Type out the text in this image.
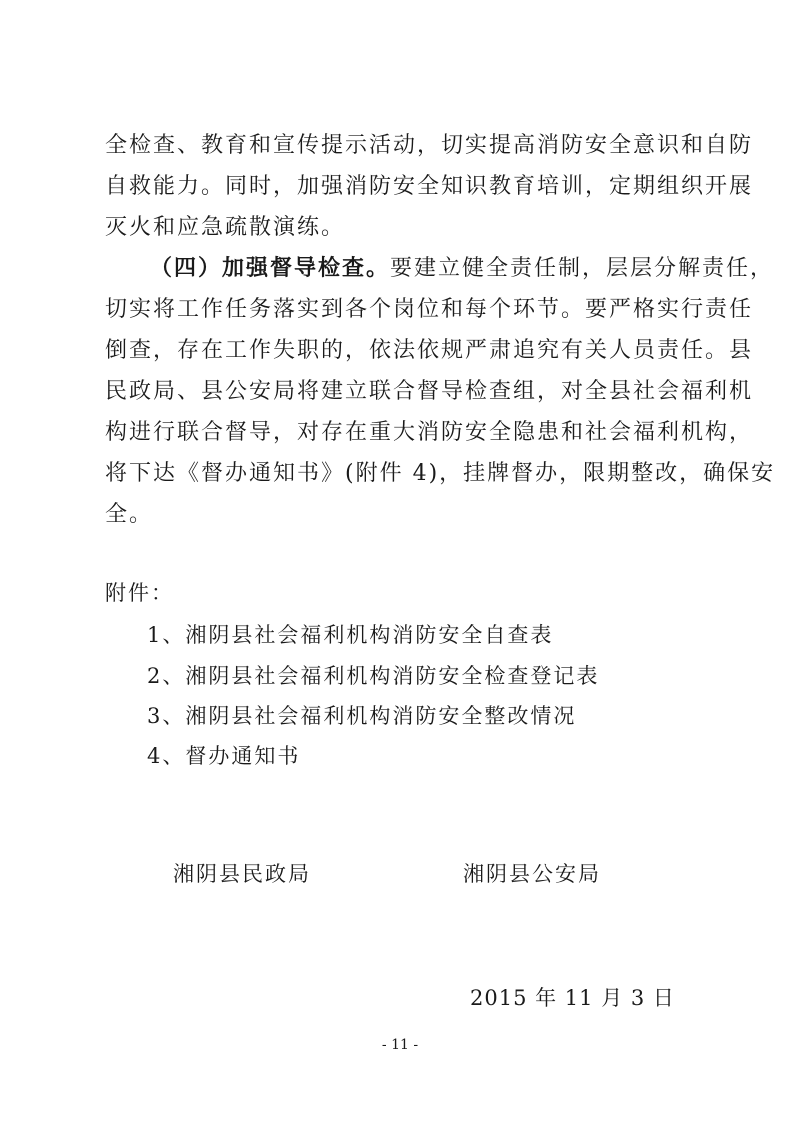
全检查、教育和宣传提示活动，切实提高消防安全意识和自防
自救能力。同时，加强消防安全知识教育培训，定期组织开展
灭火和应急疏散演练。
（四）加强督导检查。要建立健全责任制，层层分解责任，
切实将工作任务落实到各个岗位和每个环节。要严格实行责任
倒查，存在工作失职的，依法依规严肃追究有关人员责任。县
民政局、县公安局将建立联合督导检查组，对全县社会福利机
构进行联合督导，对存在重大消防安全隐患和社会福利机构，
将下达《督办通知书》(附件 4)，挂牌督办，限期整改，确保安
全。
附件：
1、湘阴县社会福利机构消防安全自查表
2、湘阴县社会福利机构消防安全检查登记表
3、湘阴县社会福利机构消防安全整改情况
4、督办通知书
湘阴县民政局	湘阴县公安局
2015 年 11 月 3 日
- 11 -
